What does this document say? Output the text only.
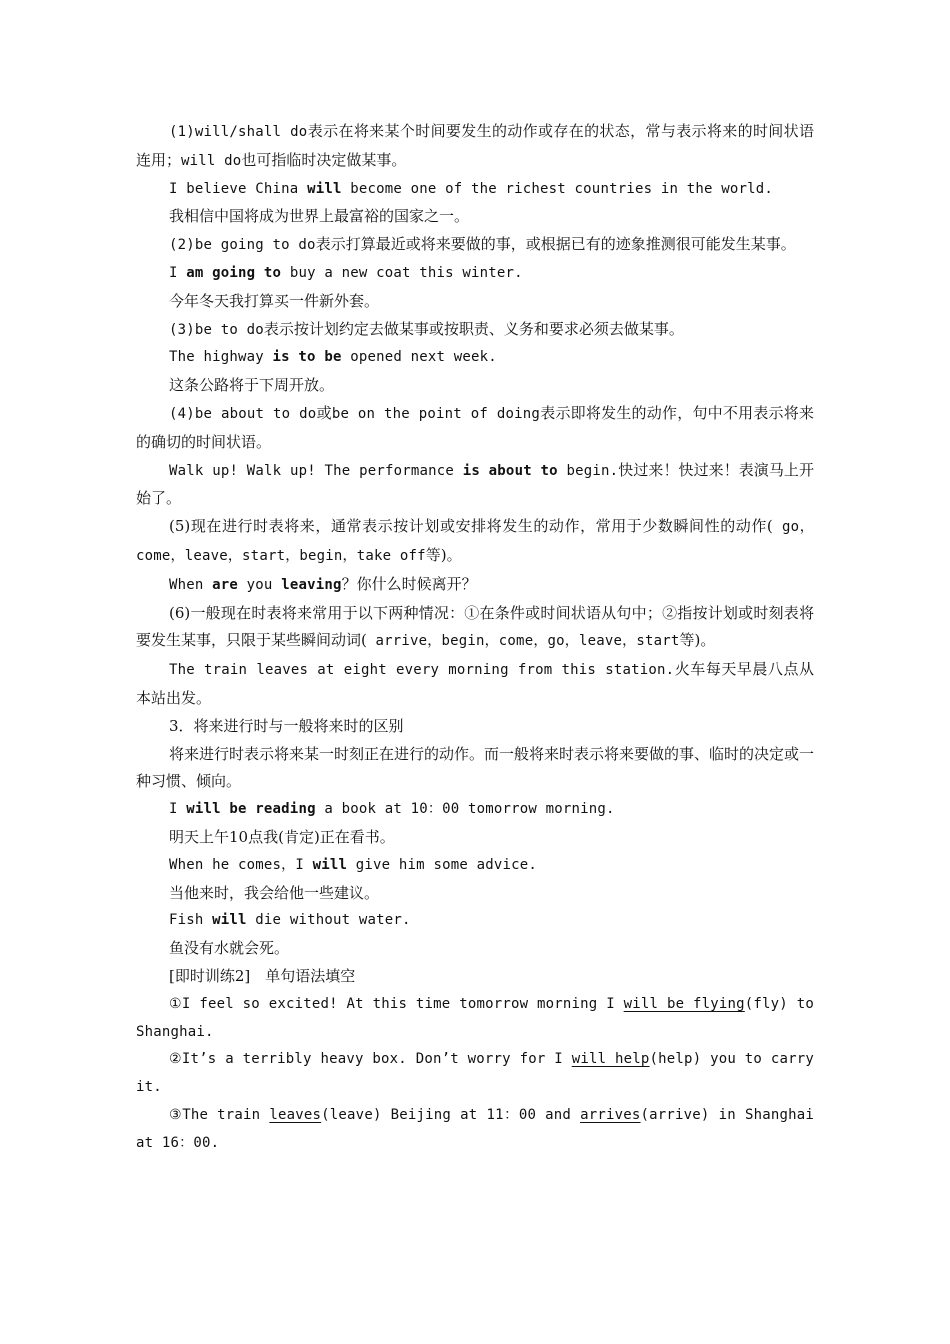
(1)will/shall do表示在将来某个时间要发生的动作或存在的状态，常与表示将来的时间状语连用；will do也可指临时决定做某事。

I believe China will become one of the richest countries in the world.

我相信中国将成为世界上最富裕的国家之一。

(2)be going to do表示打算最近或将来要做的事，或根据已有的迹象推测很可能发生某事。

I am going to buy a new coat this winter.

今年冬天我打算买一件新外套。

(3)be to do表示按计划约定去做某事或按职责、义务和要求必须去做某事。

The highway is to be opened next week.

这条公路将于下周开放。

(4)be about to do或be on the point of doing表示即将发生的动作，句中不用表示将来的确切的时间状语。

Walk up! Walk up! The performance is about to begin.快过来！快过来！表演马上开始了。

(5)现在进行时表将来，通常表示按计划或安排将发生的动作，常用于少数瞬间性的动作( go，come，leave，start，begin，take off等)。

When are you leaving？你什么时候离开？

(6)一般现在时表将来常用于以下两种情况：①在条件或时间状语从句中；②指按计划或时刻表将要发生某事，只限于某些瞬间动词( arrive，begin，come，go，leave，start等)。

The train leaves at eight every morning from this station.火车每天早晨八点从本站出发。

3．将来进行时与一般将来时的区别

将来进行时表示将来某一时刻正在进行的动作。而一般将来时表示将来要做的事、临时的决定或一种习惯、倾向。

I will be reading a book at 10：00 tomorrow morning.

明天上午10点我(肯定)正在看书。

When he comes，I will give him some advice.

当他来时，我会给他一些建议。

Fish will die without water.

鱼没有水就会死。

[即时训练2]　单句语法填空

①I feel so excited! At this time tomorrow morning I will be flying(fly) to Shanghai.

②It’s a terribly heavy box. Don’t worry for I will help(help) you to carry it.

③The train leaves(leave) Beijing at 11：00 and arrives(arrive) in Shanghai at 16：00.
